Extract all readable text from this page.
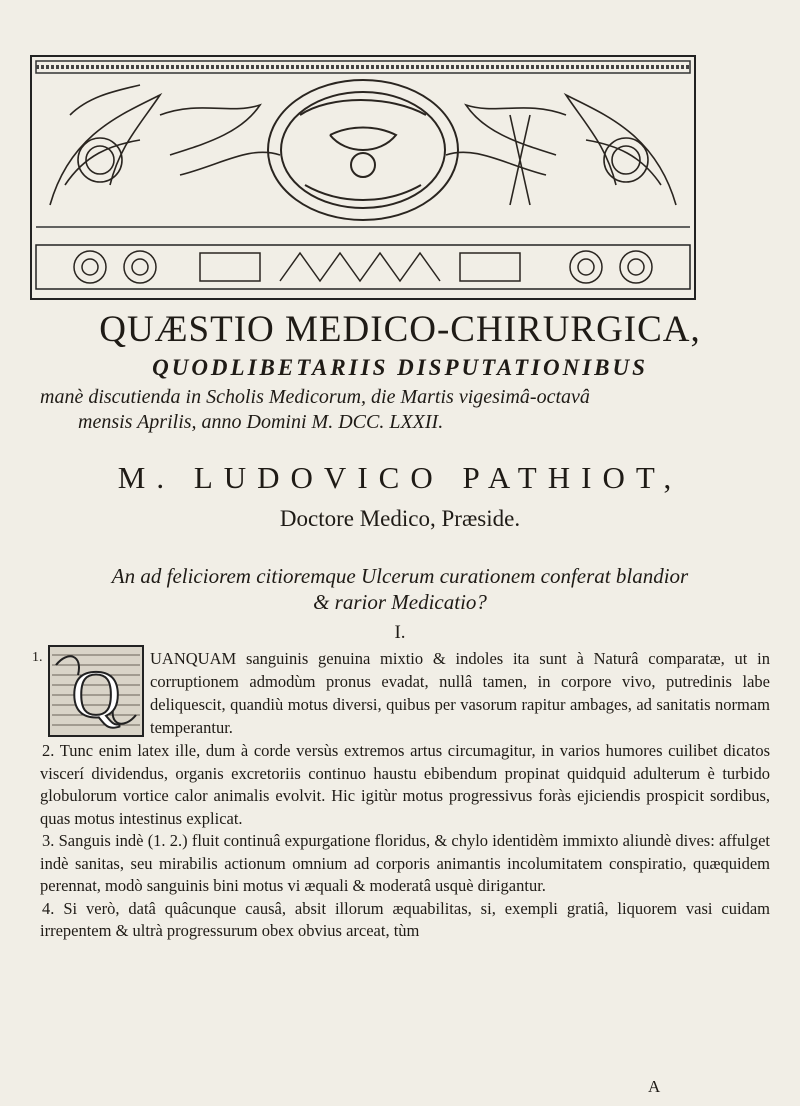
QUÆSTIO MEDICO-CHIRURGICA,
QUODLIBETARIIS DISPUTATIONIBUS
manè discutienda in Scholis Medicorum, die Martis vigesimâ-octavâ
mensis Aprilis, anno Domini M. DCC. LXXII.
M. LUDOVICO PATHIOT,
Doctore Medico, Præside.
An ad feliciorem citioremque Ulcerum curationem conferat blandior
& rarior Medicatio?
I.
1. Q UANQUAM sanguinis genuina mixtio & indoles ita sunt à Naturâ comparatæ, ut in corruptionem admodùm pronus evadat, nullâ tamen, in corpore vivo, putredinis labe deliquescit, quandiù motus diversi, quibus per vasorum rapitur ambages, ad sanitatis normam temperantur.

2. Tunc enim latex ille, dum à corde versùs extremos artus circumagitur, in varios humores cuilibet dicatos viscerí dividendus, organis excretoriis continuo haustu ebibendum propinat quidquid adulterum è turbido globulorum vortice calor animalis evolvit. Hic igitùr motus progressivus foràs ejiciendis prospicit sordibus, quas motus intestinus explicat.

3. Sanguis indè (1. 2.) fluit continuâ expurgatione floridus, & chylo identidèm immixto aliundè dives: affulget indè sanitas, seu mirabilis actionum omnium ad corporis animantis incolumitatem conspiratio, quæquidem perennat, modò sanguinis bini motus vi æquali & moderatâ usquè dirigantur.

4. Si verò, datâ quâcunque causâ, absit illorum æquabilitas, si, exempli gratiâ, liquorem vasi cuidam irrepentem & ultrà progressurum obex obvius arceat, tùm

A
